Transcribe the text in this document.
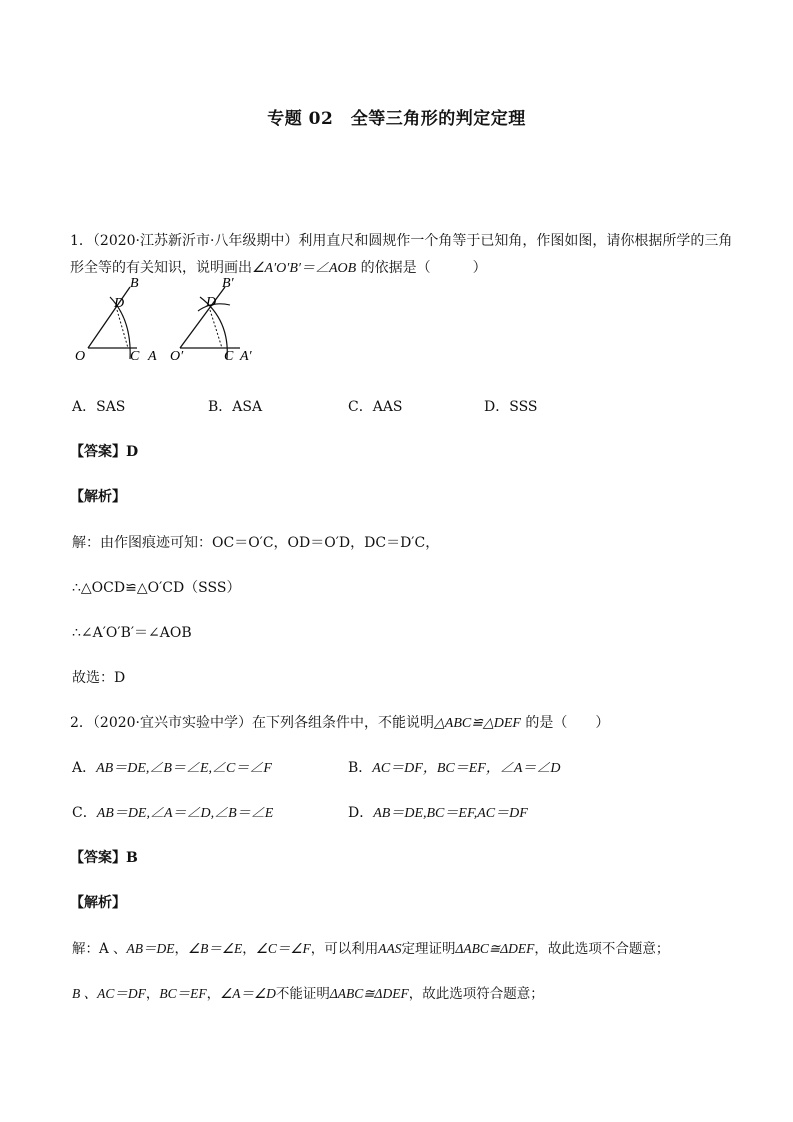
专题 02　全等三角形的判定定理
1．（2020·江苏新沂市·八年级期中）利用直尺和圆规作一个角等于已知角，作图如图，请你根据所学的三角
形全等的有关知识，说明画出∠A′O′B′＝∠AOB 的依据是（　　　）
B
D
O	C A
B′
D
O′	C A′
A．SAS	B．ASA	C．AAS	D．SSS
【答案】D
【解析】
解：由作图痕迹可知：OC＝O′C，OD＝O′D，DC＝D′C，
∴△OCD≌△O′CD（SSS）
∴∠A′O′B′＝∠AOB
故选：D
2．（2020·宜兴市实验中学）在下列各组条件中，不能说明△ABC≌△DEF 的是（　　）
A．AB＝DE,∠B＝∠E,∠C＝∠F	B．AC＝DF，BC＝EF，∠A＝∠D
C．AB＝DE,∠A＝∠D,∠B＝∠E	D．AB＝DE,BC＝EF,AC＝DF
【答案】B
【解析】
解：A 、AB＝DE，∠B＝∠E，∠C＝∠F，可以利用AAS定理证明ΔABC≅ΔDEF，故此选项不合题意；
B 、AC＝DF，BC＝EF，∠A＝∠D不能证明ΔABC≅ΔDEF，故此选项符合题意；
